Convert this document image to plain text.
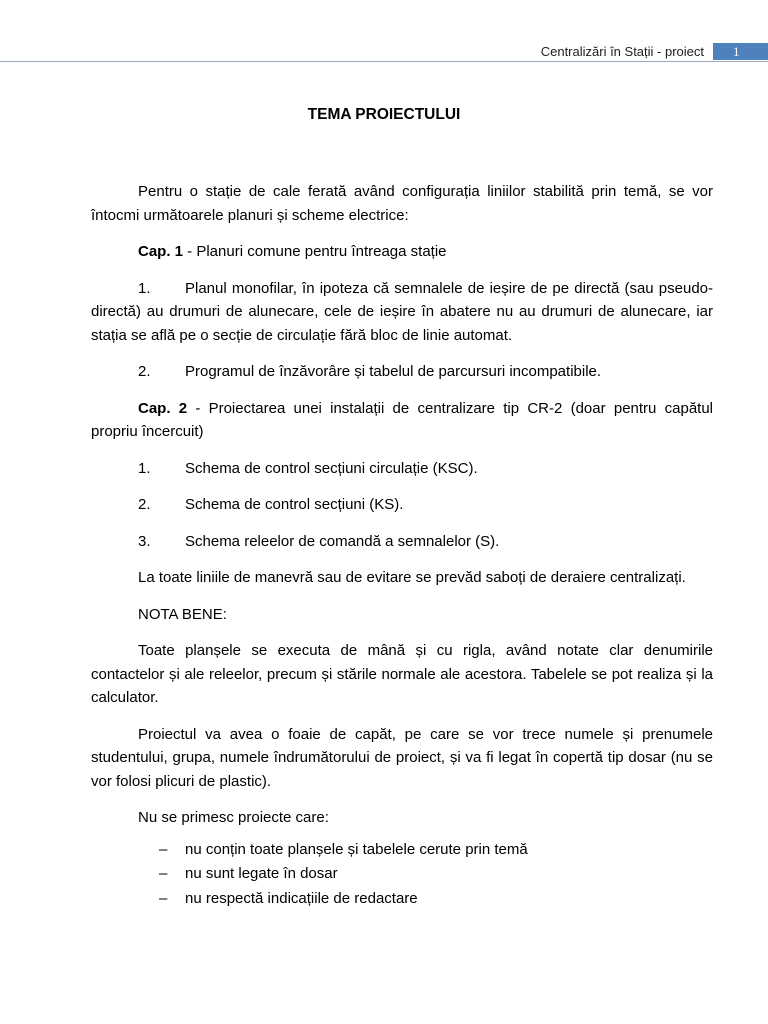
Centralizări în Stații - proiect	1
TEMA PROIECTULUI

Pentru o stație de cale ferată având configurația liniilor stabilită prin temă, se vor întocmi următoarele planuri și scheme electrice:

Cap. 1 - Planuri comune pentru întreaga stație

1. Planul monofilar, în ipoteza că semnalele de ieșire de pe directă (sau pseudo-directă) au drumuri de alunecare, cele de ieșire în abatere nu au drumuri de alunecare, iar stația se află pe o secție de circulație fără bloc de linie automat.

2. Programul de înzăvorâre și tabelul de parcursuri incompatibile.

Cap. 2 - Proiectarea unei instalații de centralizare tip CR-2 (doar pentru capătul propriu încercuit)

1. Schema de control secțiuni circulație (KSC).

2. Schema de control secțiuni (KS).

3. Schema releelor de comandă a semnalelor (S).

La toate liniile de manevră sau de evitare se prevăd saboți de deraiere centralizați.

NOTA BENE:

Toate planșele se executa de mână și cu rigla, având notate clar denumirile contactelor și ale releelor, precum și stările normale ale acestora. Tabelele se pot realiza și la calculator.

Proiectul va avea o foaie de capăt, pe care se vor trece numele și prenumele studentului, grupa, numele îndrumătorului de proiect, și va fi legat în copertă tip dosar (nu se vor folosi plicuri de plastic).

Nu se primesc proiecte care:

– nu conțin toate planșele și tabelele cerute prin temă
– nu sunt legate în dosar
– nu respectă indicațiile de redactare
